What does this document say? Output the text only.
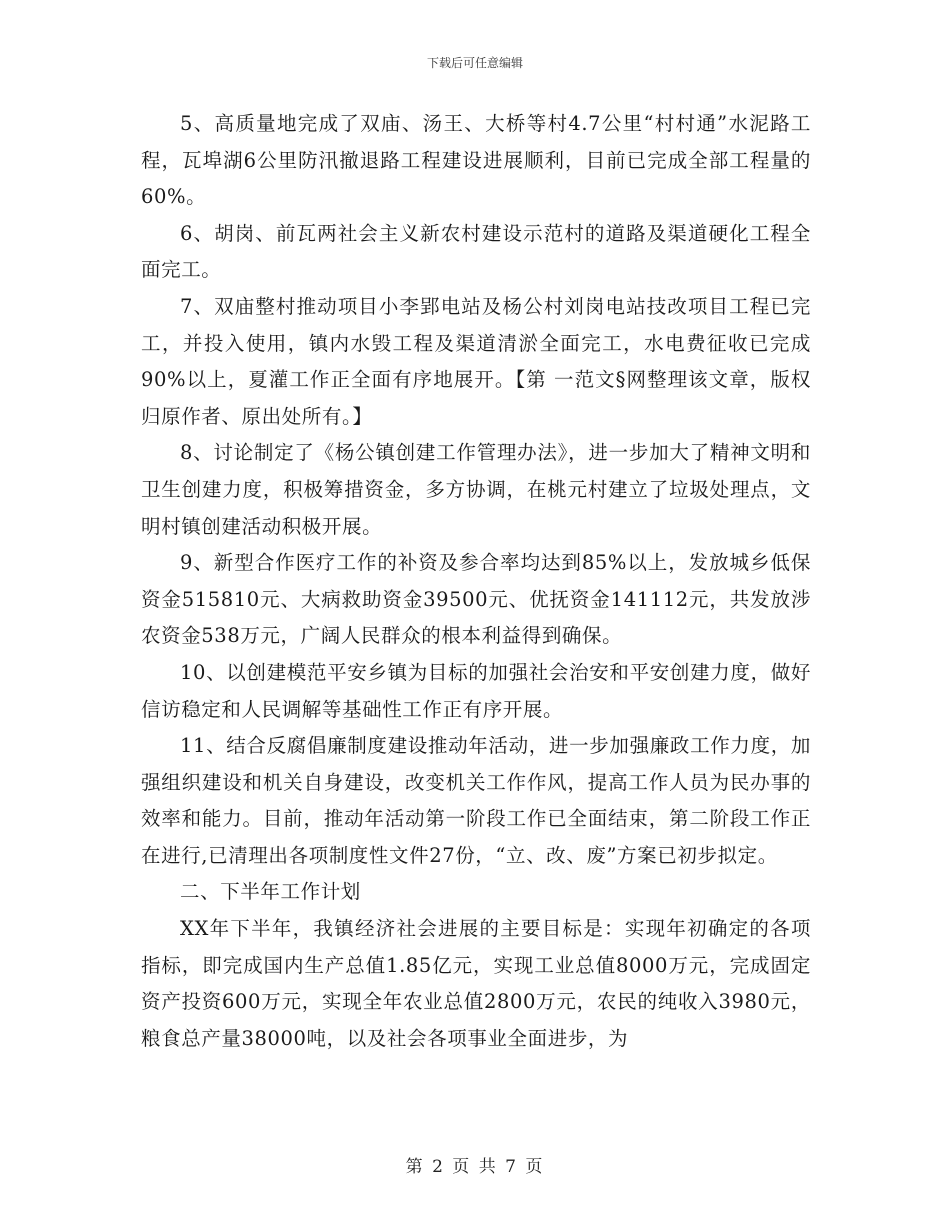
下载后可任意编辑

5、高质量地完成了双庙、汤王、大桥等村4.7公里“村村通”水泥路工程，瓦埠湖6公里防汛撤退路工程建设进展顺利，目前已完成全部工程量的60%。

6、胡岗、前瓦两社会主义新农村建设示范村的道路及渠道硬化工程全面完工。

7、双庙整村推动项目小李郢电站及杨公村刘岗电站技改项目工程已完工，并投入使用，镇内水毁工程及渠道清淤全面完工，水电费征收已完成90%以上，夏灌工作正全面有序地展开。【第 一范文§网整理该文章，版权归原作者、原出处所有。】

8、讨论制定了《杨公镇创建工作管理办法》，进一步加大了精神文明和卫生创建力度，积极筹措资金，多方协调，在桃元村建立了垃圾处理点，文明村镇创建活动积极开展。

9、新型合作医疗工作的补资及参合率均达到85%以上，发放城乡低保资金515810元、大病救助资金39500元、优抚资金141112元，共发放涉农资金538万元，广阔人民群众的根本利益得到确保。

10、以创建模范平安乡镇为目标的加强社会治安和平安创建力度，做好信访稳定和人民调解等基础性工作正有序开展。

11、结合反腐倡廉制度建设推动年活动，进一步加强廉政工作力度，加强组织建设和机关自身建设，改变机关工作作风，提高工作人员为民办事的效率和能力。目前，推动年活动第一阶段工作已全面结束，第二阶段工作正在进行,已清理出各项制度性文件27份，“立、改、废”方案已初步拟定。

二、下半年工作计划

XX年下半年，我镇经济社会进展的主要目标是：实现年初确定的各项指标，即完成国内生产总值1.85亿元，实现工业总值8000万元，完成固定资产投资600万元，实现全年农业总值2800万元，农民的纯收入3980元，粮食总产量38000吨，以及社会各项事业全面进步，为

第 2 页 共 7 页
